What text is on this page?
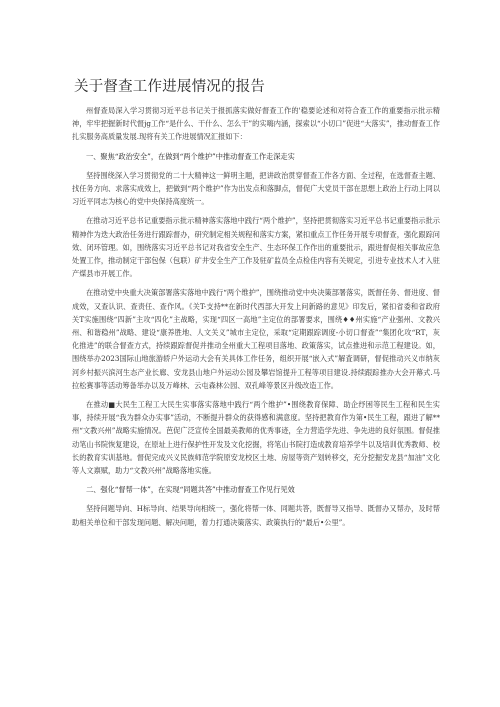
关于督查工作进展情况的报告

州督查局深入学习贯彻习近平总书记关于报抓落实做好督查工作的'稳要论述和对符合查工作的重要指示批示精神，牢牢把握新时代督jg工作“是什么、干什么、怎么干”的实嗨内涵，探索以“小切口”促进“大落实”，推动督查工作扎实服务高质量发展.现将有关工作进展情况汇报如下：

一、聚焦“政治安全”，在做到“两个维护”中推动督查工作走深走实

坚持围绕深入学习贯彻党的二十大精神这一鲜明主题，把讲政治贯穿督查工作各方面、全过程，在选督查主题、找任务方向、求落实成效上，把做到“两个维护”作为出发点和落脚点，督促广大党员干部在思想上政治上行动上同以习近平同志为核心的党中央保持高度统一。

在推动习近平总书记重要指示批示精神落实落地中践行“两个维护”，坚持把贯彻落实习近平总书记重要指示批示精神作为迭大政治任务进行跟踪督办，研究制定相关规程和落实方案，紧扣重点工作任务开展专项督查，强化跟踪问效、闭环管理。如，围绕落实习近平总书记对我省安全生产、生态环保工作作出的重要批示，跟进督促相关事故应急处置工作，推动制定干部包保（包联）矿井安全生产工作及驻矿监员全点检佳内容有关规定，引进专业技术人才入驻产煤县市开展工作。

在推动党中央重大决策部署落实落地中践行“两个维护”，围绕推动党中央决策部署落实，既督任务、督进度、督成效，又查认识、查责任、查作风。《关T-支持**在新时代西部大开发上问新路的意见》印发后，紧扣省委和省政府关T实施围绕“四新”主攻“四化”主战略，实现“四区一高地”主定位的部署要求，围绕♦♦州实施“产业强州、文教兴州、和谐稳州”战略、建设“康养胜地、人文关义”城市主定位，采取“定期跟踪调度-小切口督查”“集团化攻“RT，灰化推进”的联合督查方式，持续跟踪督促并推动全州重大工程项目落地、政策落实，试点推进和示范工程建设。如，围绕举办2023国际山地旅游轿户外运动大会有关具体工作任务，组织开展“嵌入式”解査调研，督促推动兴义市纳灰河乡村振兴滨河生态产业长廊、安龙县山地户外运动公园及攀岩馆提升工程等项目建设.持续跟踪推办大会开幕式.马拉松赛事等活动筹备举办以及万峰林、云屯森林公园、双孔峰等景区升级改造工作。

在推动■大民生工程工大民生实事落实落地中践行“两个维护”•围绕教育保障、助企纾困等民生工程和民生实事，持续开展“我为群众办实事”活动，不断提升群众的获得感和满意度。坚持把教育作为第•民生工程，跟进了解**州“文教兴州”战略实施情况。芭促广泛宣传全国最美教师的优秀事迹，全力营造学先进、争先进的良好氛围。督促推动笔山书院恢复建设，在原址上进行保护性开发及文化挖掘，将笔山书院打造成教育培养学牛以及培训优秀教师、校长的教育实训基地。督促完成兴义民族师范学院原安龙校区土地、房屋等资产划转移交，充分挖掘安龙县“加油”文化等人文禀赋，助力“文教兴州”战略落地实施。

二、强化“督帮一体”，在实现“同题共答”中推动督查工作见行见效

坚持问题导向、H标导向、结果导向相统一，强化将帮一体、同题共答，既督导又指导、既督办又帮办，及时帮助相关单位和干部发现问题、解决问题，着力打通决策落实、政策执行的“最后•公里”。
